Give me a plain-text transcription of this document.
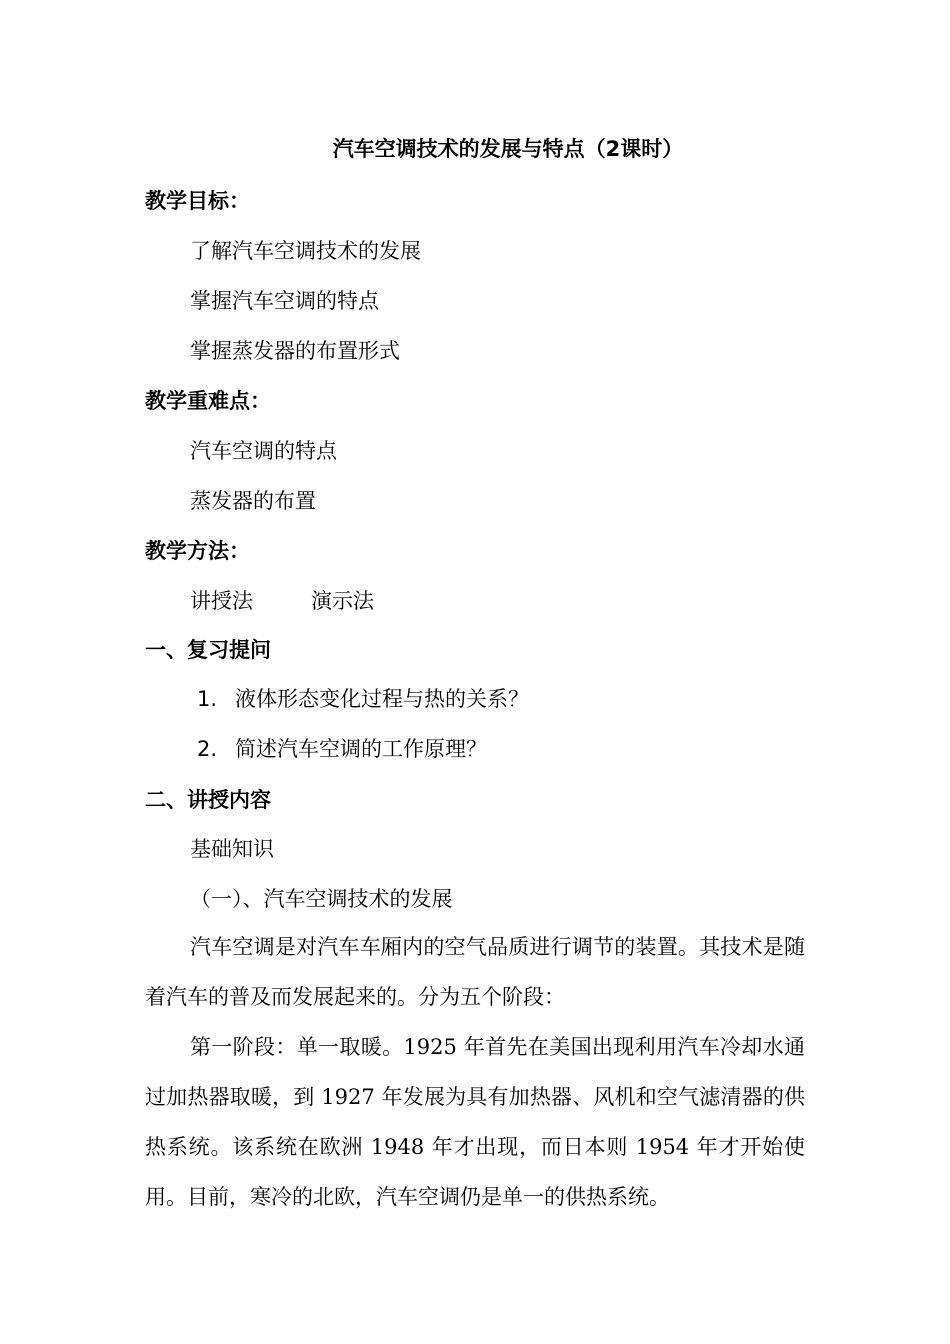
汽车空调技术的发展与特点（2课时）
教学目标：
了解汽车空调技术的发展
掌握汽车空调的特点
掌握蒸发器的布置形式
教学重难点：
汽车空调的特点
蒸发器的布置
教学方法：
讲授法	演示法
一、复习提问
1. 液体形态变化过程与热的关系？
2. 简述汽车空调的工作原理？
二、讲授内容
基础知识
（一）、汽车空调技术的发展

汽车空调是对汽车车厢内的空气品质进行调节的装置。其技术是随着汽车的普及而发展起来的。分为五个阶段：

第一阶段：单一取暖。1925 年首先在美国出现利用汽车冷却水通过加热器取暖，到 1927 年发展为具有加热器、风机和空气滤清器的供热系统。该系统在欧洲 1948 年才出现，而日本则 1954 年才开始使用。目前，寒冷的北欧，汽车空调仍是单一的供热系统。
